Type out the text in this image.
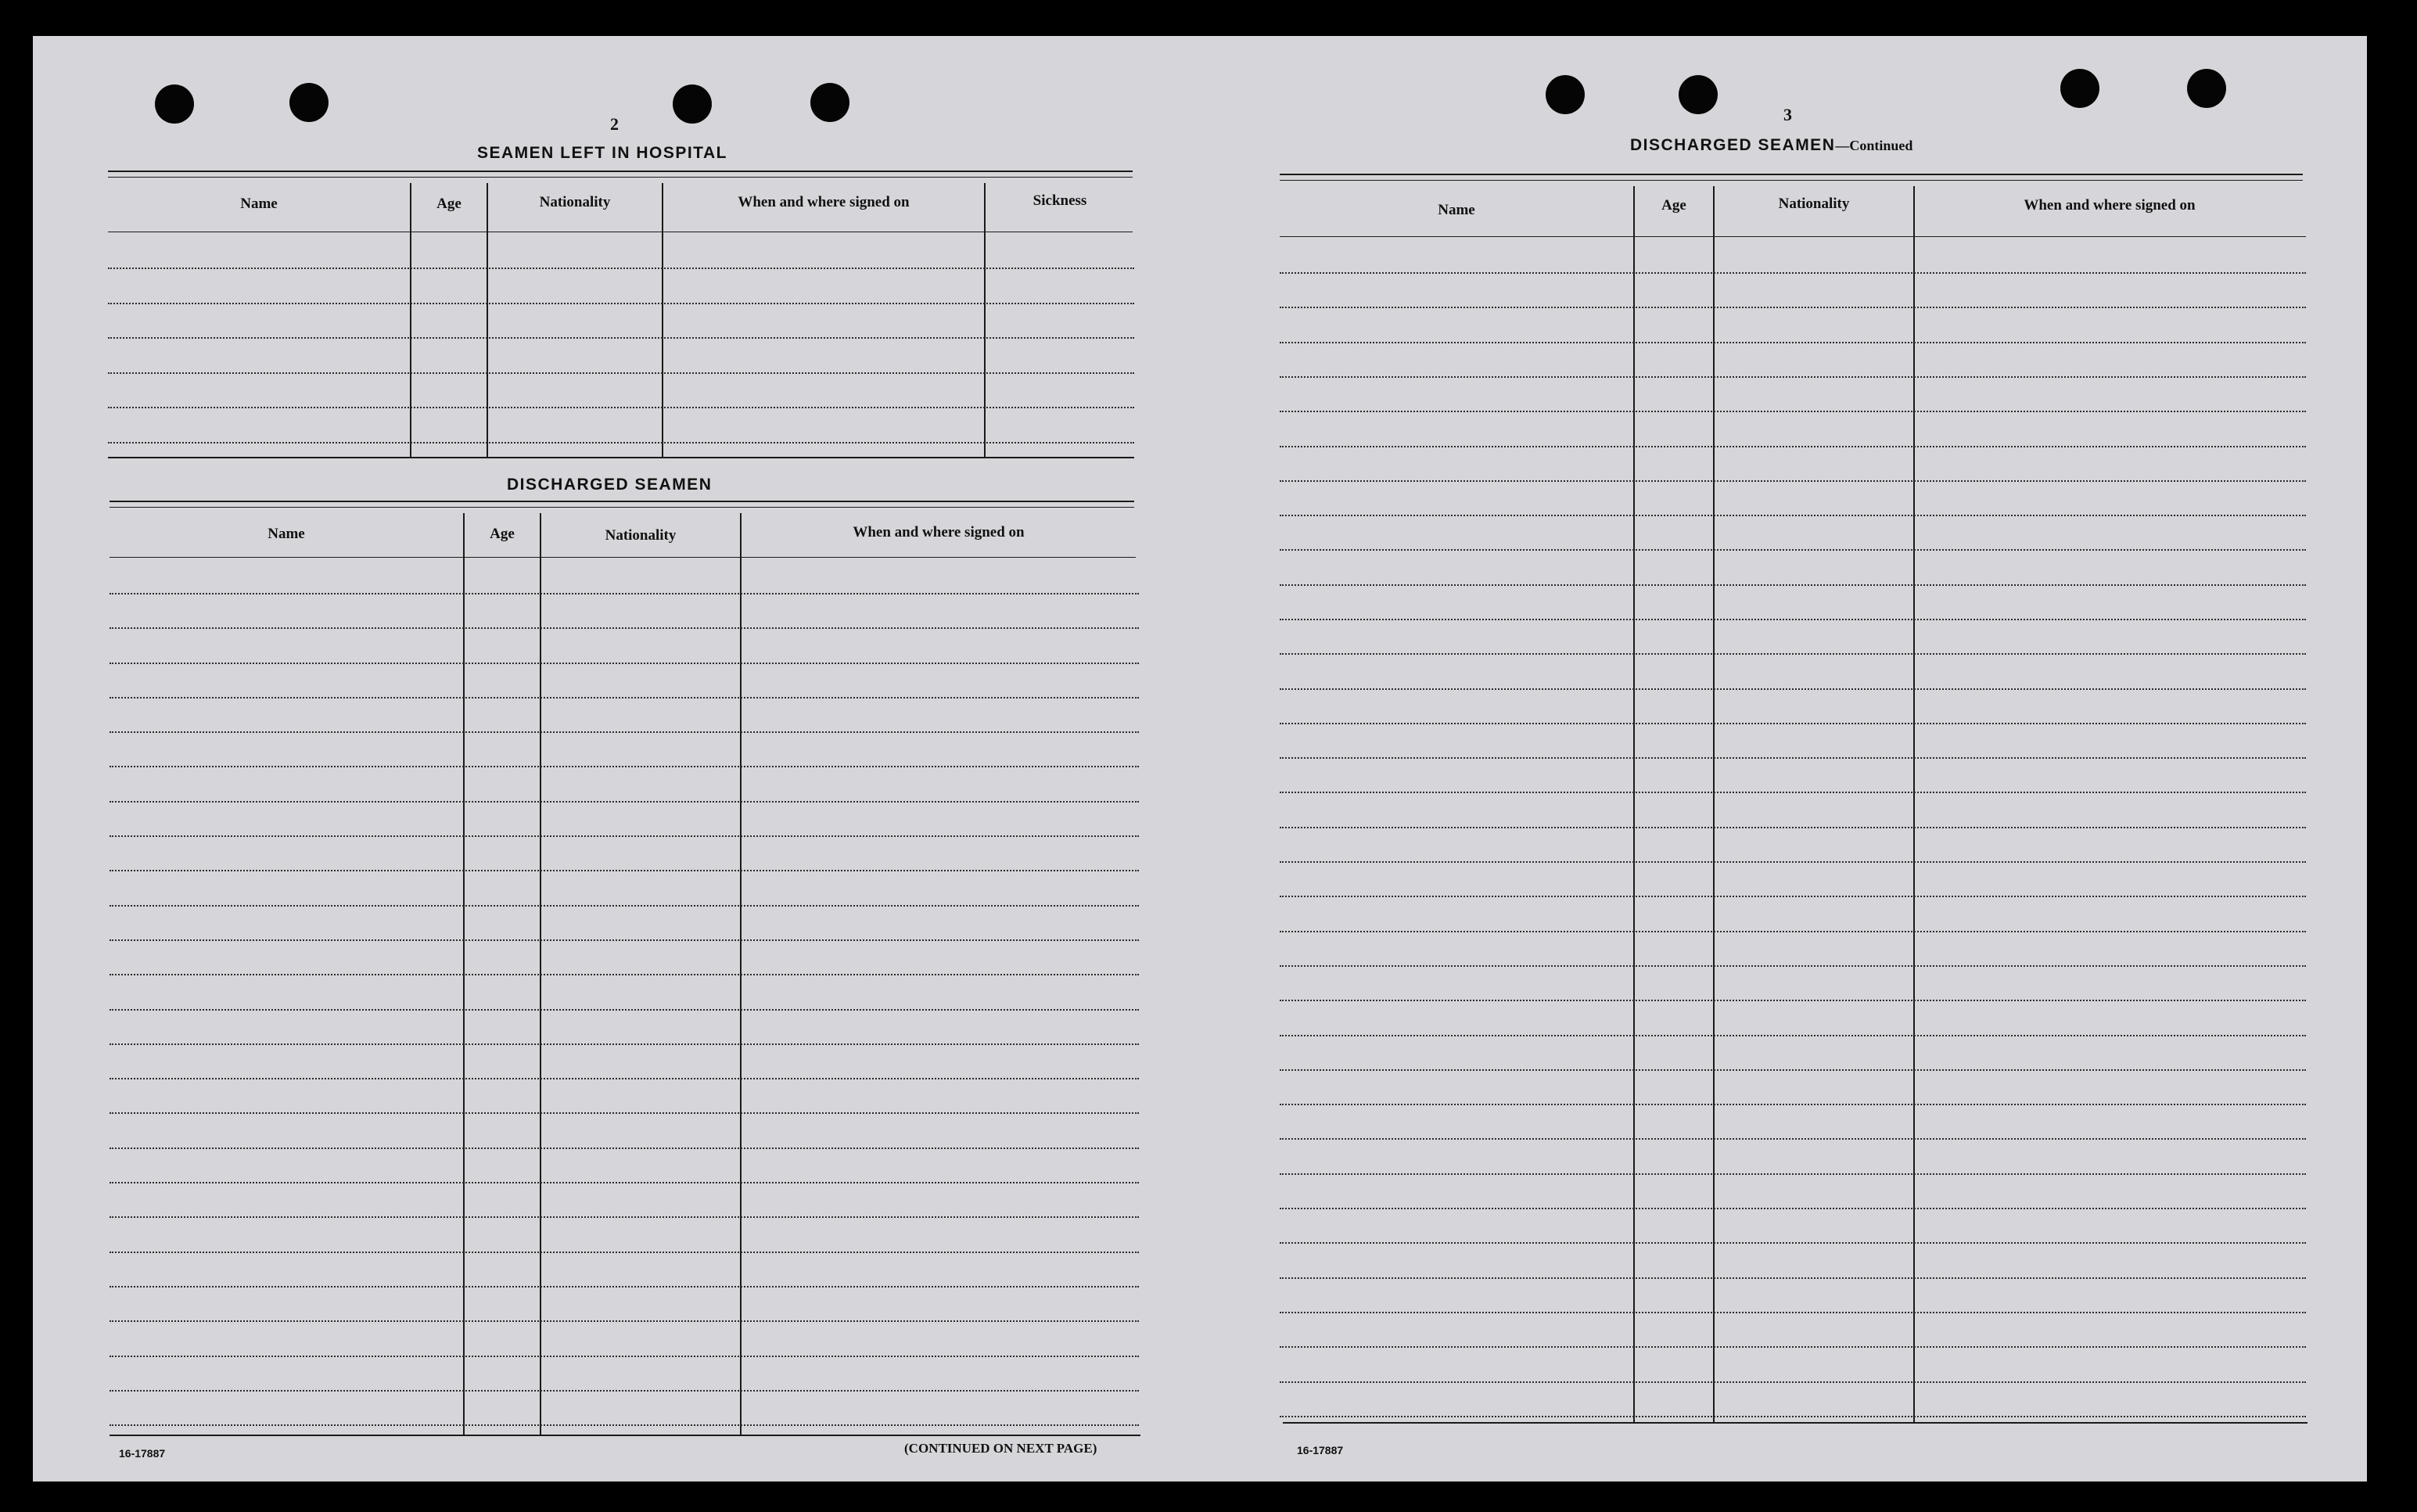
2
SEAMEN LEFT IN HOSPITAL
Name	Age	Nationality	When and where signed on	Sickness
DISCHARGED SEAMEN
Name	Age	Nationality	When and where signed on
16-17887	(CONTINUED ON NEXT PAGE)
3
DISCHARGED SEAMEN—Continued
Name	Age	Nationality	When and where signed on
16-17887
